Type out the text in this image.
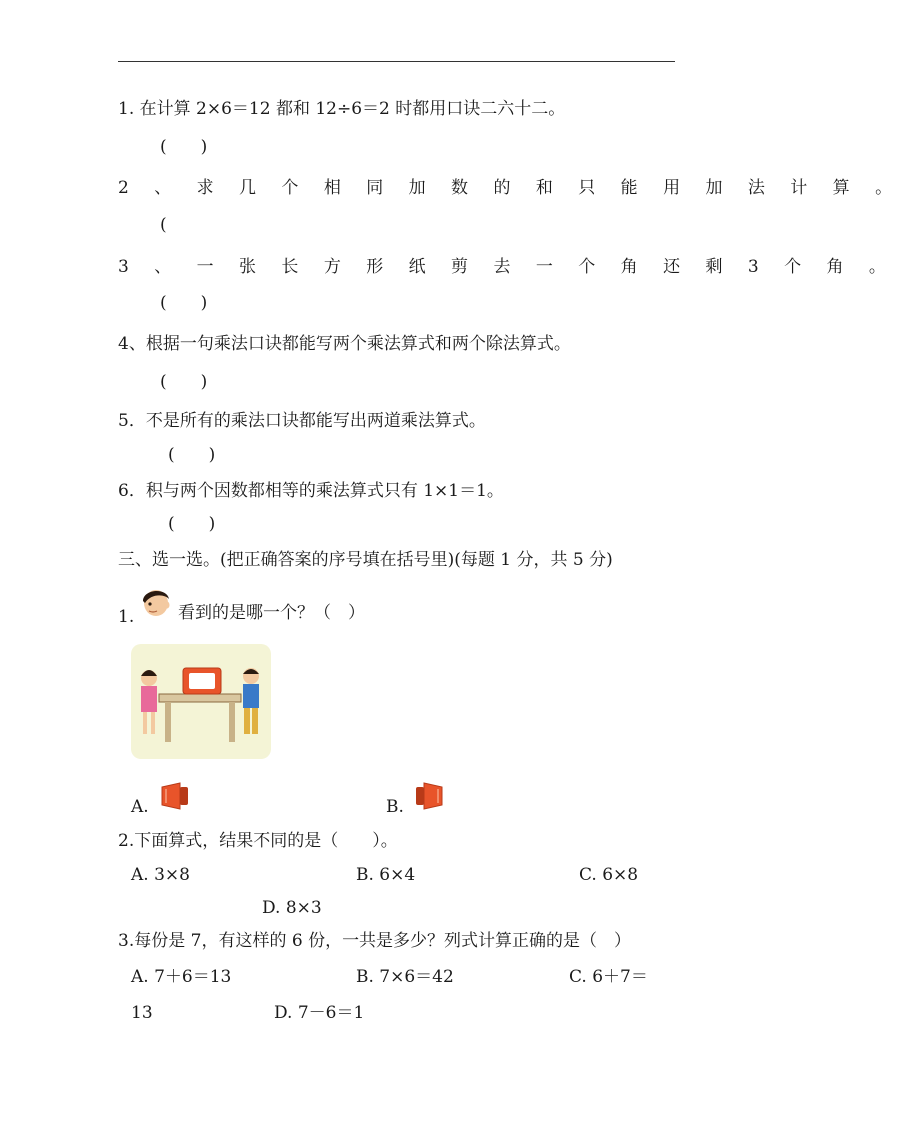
1. 在计算 2×6＝12 都和 12÷6＝2 时都用口诀二六十二。
(　　)
2 、 求 几 个 相 同 加 数 的 和 只 能 用 加 法 计 算 。
(
3 、 一 张 长 方 形 纸 剪 去 一 个 角 还 剩 3 个 角 。
(　　)
4、根据一句乘法口诀都能写两个乘法算式和两个除法算式。
(　　)
5．不是所有的乘法口诀都能写出两道乘法算式。
(　　)
6．积与两个因数都相等的乘法算式只有 1×1＝1。
(　　)
三、选一选。(把正确答案的序号填在括号里)(每题 1 分，共 5 分)
1.	看到的是哪一个？（　）
A.	B.
2.下面算式，结果不同的是（　　）。
A. 3×8	B. 6×4	C. 6×8
D. 8×3
3.每份是 7，有这样的 6 份，一共是多少？列式计算正确的是（　）
A. 7＋6＝13	B. 7×6＝42	C. 6＋7＝
13	D. 7－6＝1
